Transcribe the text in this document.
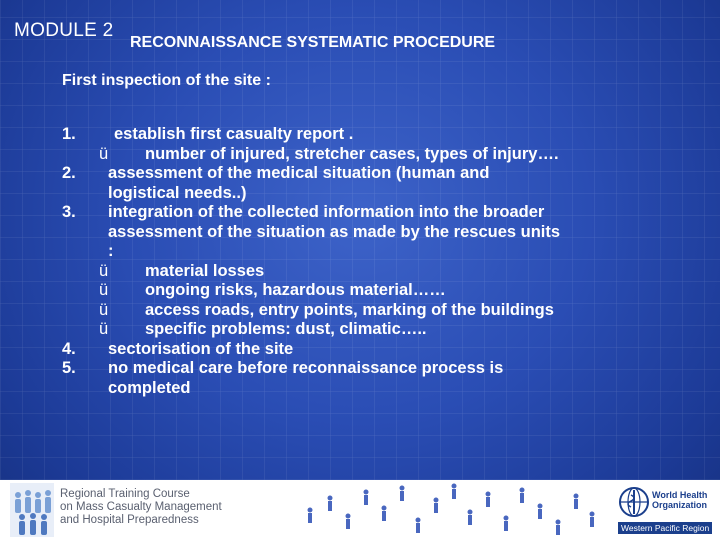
MODULE 2
RECONNAISSANCE SYSTEMATIC PROCEDURE
First inspection of the site :
1. establish first casualty report .
ü number of injured, stretcher cases, types of injury….
2. assessment of the medical situation (human and
logistical needs..)
3. integration of the collected information into the broader
assessment of the situation as made by the rescues units
:
ü material losses
ü ongoing risks, hazardous material……
ü access roads, entry points, marking of the buildings
ü specific problems: dust, climatic…..
4. sectorisation of the site
5. no medical care before reconnaissance process is
completed
Regional Training Course
on Mass Casualty Management
and Hospital Preparedness
World Health
Organization
Western Pacific Region
